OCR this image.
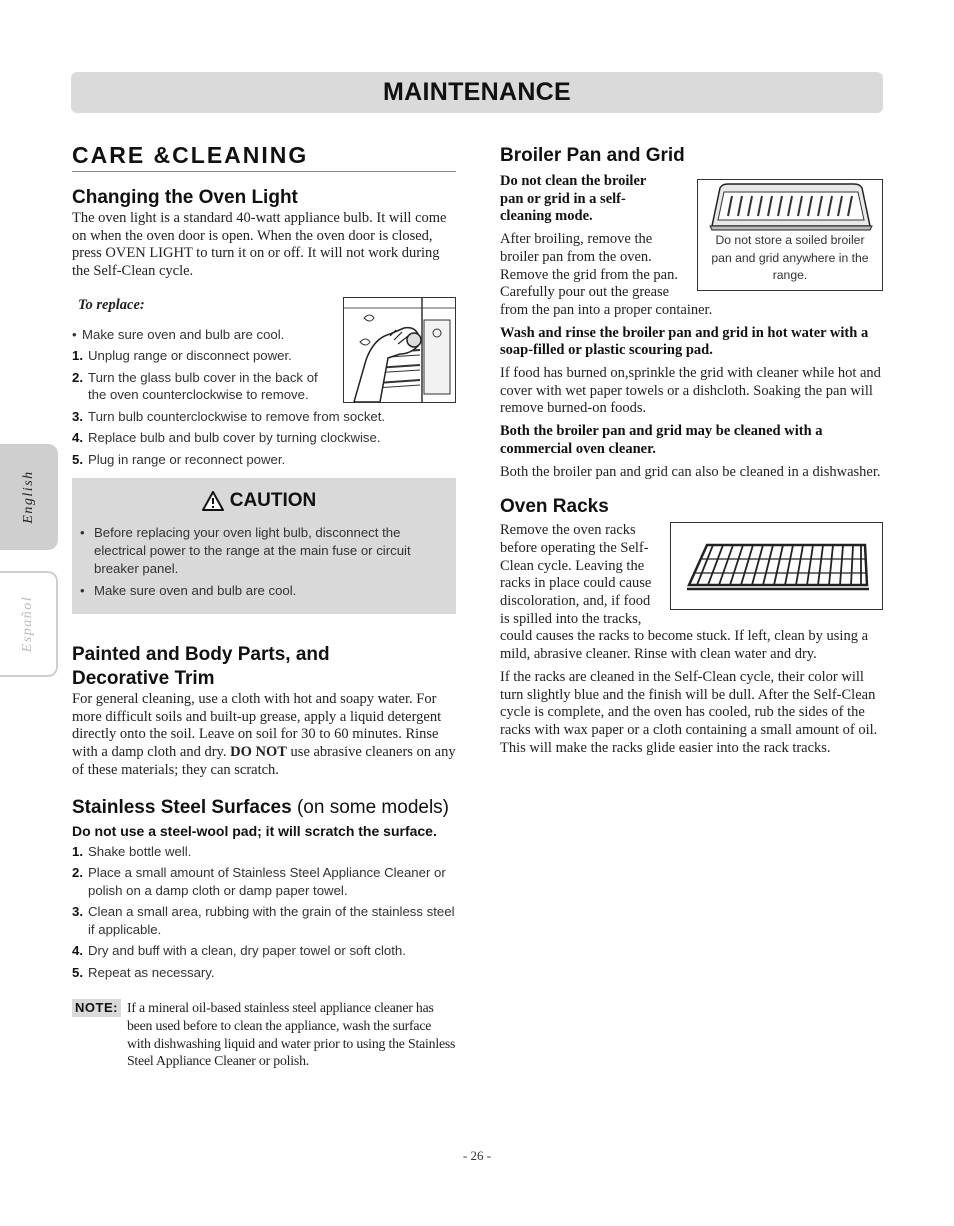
MAINTENANCE
English
Español
CARE &CLEANING
Changing the Oven Light

The oven light is a standard 40-watt appliance bulb. It will come on when the oven door is open. When the oven door is closed, press OVEN LIGHT to turn it on or off. It will not work during the Self-Clean cycle.

To replace:

• Make sure oven and bulb are cool.
1. Unplug range or disconnect power.
2. Turn the glass bulb cover in the back of the oven counterclockwise to remove.
3. Turn bulb counterclockwise to remove from socket.
4. Replace bulb and bulb cover by turning clockwise.
5. Plug in range or reconnect power.
CAUTION
• Before replacing your oven light bulb, disconnect the electrical power to the range at the main fuse or circuit breaker panel.
• Make sure oven and bulb are cool.
Painted and Body Parts, and
Decorative Trim

For general cleaning, use a cloth with hot and soapy water. For more difficult soils and built-up grease, apply a liquid detergent directly onto the soil. Leave on soil for 30 to 60 minutes. Rinse with a damp cloth and dry. DO NOT use abrasive cleaners on any of these materials; they can scratch.

Stainless Steel Surfaces (on some models)

Do not use a steel-wool pad; it will scratch the surface.

1. Shake bottle well.
2. Place a small amount of Stainless Steel Appliance Cleaner or polish on a damp cloth or damp paper towel.
3. Clean a small area, rubbing with the grain of the stainless steel if applicable.
4. Dry and buff with a clean, dry paper towel or soft cloth.
5. Repeat as necessary.
NOTE: If a mineral oil-based stainless steel appliance cleaner has been used before to clean the appliance, wash the surface with dishwashing liquid and water prior to using the Stainless Steel Appliance Cleaner or polish.

Broiler Pan and Grid

Do not clean the broiler
pan or grid in a self-
cleaning mode.

After broiling, remove the
broiler pan from the oven.
Remove the grid from the pan.
Carefully pour out the grease
from the pan into a proper container.

Do not store a soiled broiler pan and grid anywhere in the range.

Wash and rinse the broiler pan and grid in hot water with a soap-filled or plastic scouring pad.

If food has burned on,sprinkle the grid with cleaner while hot and cover with wet paper towels or a dishcloth. Soaking the pan will remove burned-on foods.

Both the broiler pan and grid may be cleaned with a commercial oven cleaner.

Both the broiler pan and grid can also be cleaned in a dishwasher.

Oven Racks

Remove the oven racks
before operating the Self-
Clean cycle. Leaving the
racks in place could cause
discoloration, and, if food
is spilled into the tracks,

could causes the racks to become stuck. If left, clean by using a mild, abrasive cleaner. Rinse with clean water and dry.

If the racks are cleaned in the Self-Clean cycle, their color will turn slightly blue and the finish will be dull. After the Self-Clean cycle is complete, and the oven has cooled, rub the sides of the racks with wax paper or a cloth containing a small amount of oil. This will make the racks glide easier into the rack tracks.

- 26 -
